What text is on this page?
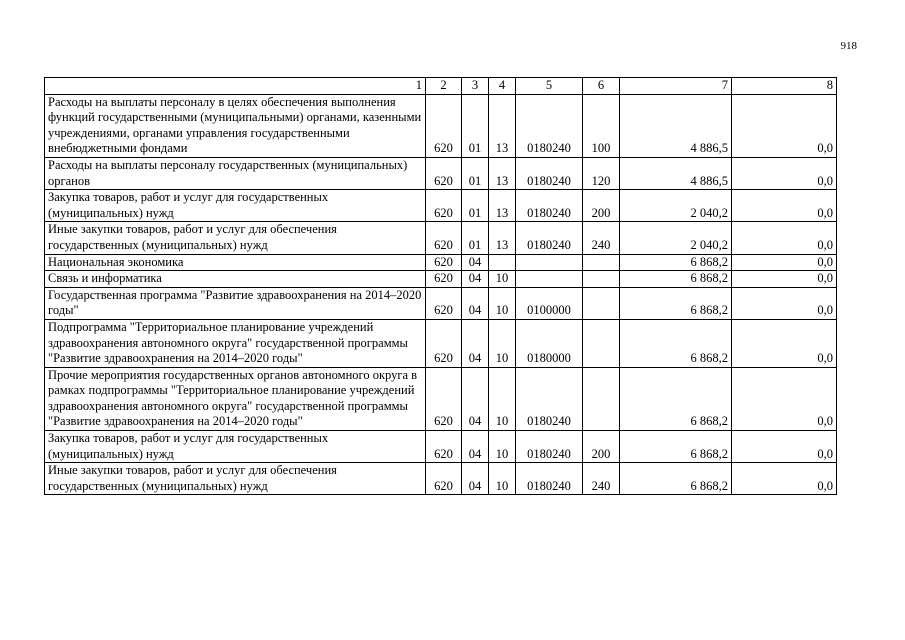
918
1	2	3	4	5	6	7	8
Расходы на выплаты персоналу в целях обеспечения выполнения функций государственными (муниципальными) органами, казенными учреждениями, органами управления государственными внебюджетными фондами	620	01	13	0180240	100	4 886,5	0,0
Расходы на выплаты персоналу государственных (муниципальных) органов	620	01	13	0180240	120	4 886,5	0,0
Закупка товаров, работ и услуг для государственных (муниципальных) нужд	620	01	13	0180240	200	2 040,2	0,0
Иные закупки товаров, работ и услуг для обеспечения государственных (муниципальных) нужд	620	01	13	0180240	240	2 040,2	0,0
Национальная экономика	620	04				6 868,2	0,0
Связь и информатика	620	04	10			6 868,2	0,0
Государственная программа "Развитие здравоохранения на 2014–2020 годы"	620	04	10	0100000		6 868,2	0,0
Подпрограмма "Территориальное планирование учреждений здравоохранения автономного округа" государственной программы "Развитие здравоохранения на 2014–2020 годы"	620	04	10	0180000		6 868,2	0,0
Прочие мероприятия государственных органов автономного округа в рамках подпрограммы "Территориальное планирование учреждений здравоохранения автономного округа" государственной программы "Развитие здравоохранения на 2014–2020 годы"	620	04	10	0180240		6 868,2	0,0
Закупка товаров, работ и услуг для государственных (муниципальных) нужд	620	04	10	0180240	200	6 868,2	0,0
Иные закупки товаров, работ и услуг для обеспечения государственных (муниципальных) нужд	620	04	10	0180240	240	6 868,2	0,0
